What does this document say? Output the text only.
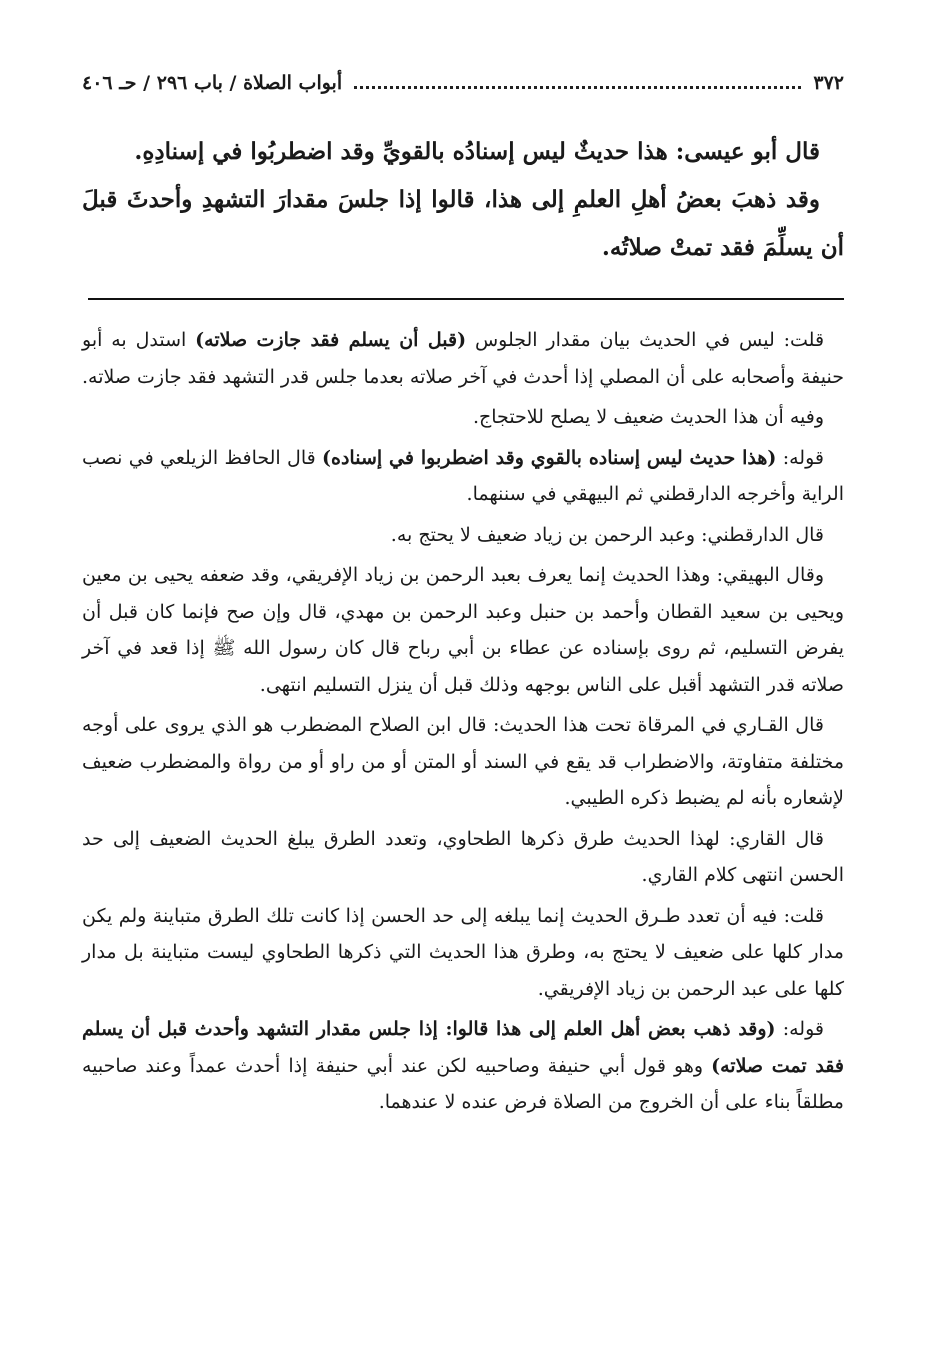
٣٧٢
أبواب الصلاة / باب ٢٩٦ / حـ ٤٠٦

قال أبو عيسى: هذا حديثٌ ليس إسنادُه بالقويِّ وقد اضطربُوا في إسنادِهِ.

وقد ذهبَ بعضُ أهلِ العلمِ إلى هذا، قالوا إذا جلسَ مقدارَ التشهدِ وأحدثَ قبلَ أن يسلِّمَ فقد تمتْ صلاتُه.

قلت: ليس في الحديث بيان مقدار الجلوس (قبل أن يسلم فقد جازت صلاته) استدل به أبو حنيفة وأصحابه على أن المصلي إذا أحدث في آخر صلاته بعدما جلس قدر التشهد فقد جازت صلاته.

وفيه أن هذا الحديث ضعيف لا يصلح للاحتجاج.

قوله: (هذا حديث ليس إسناده بالقوي وقد اضطربوا في إسناده) قال الحافظ الزيلعي في نصب الراية وأخرجه الدارقطني ثم البيهقي في سننهما.

قال الدارقطني: وعبد الرحمن بن زياد ضعيف لا يحتج به.

وقال البهيقي: وهذا الحديث إنما يعرف بعبد الرحمن بن زياد الإفريقي، وقد ضعفه يحيى بن معين ويحيى بن سعيد القطان وأحمد بن حنبل وعبد الرحمن بن مهدي، قال وإن صح فإنما كان قبل أن يفرض التسليم، ثم روى بإسناده عن عطاء بن أبي رباح قال كان رسول الله ﷺ إذا قعد في آخر صلاته قدر التشهد أقبل على الناس بوجهه وذلك قبل أن ينزل التسليم انتهى.

قال القـاري في المرقاة تحت هذا الحديث: قال ابن الصلاح المضطرب هو الذي يروى على أوجه مختلفة متفاوتة، والاضطراب قد يقع في السند أو المتن أو من راو أو من رواة والمضطرب ضعيف لإشعاره بأنه لم يضبط ذكره الطيبي.

قال القاري: لهذا الحديث طرق ذكرها الطحاوي، وتعدد الطرق يبلغ الحديث الضعيف إلى حد الحسن انتهى كلام القاري.

قلت: فيه أن تعدد طـرق الحديث إنما يبلغه إلى حد الحسن إذا كانت تلك الطرق متباينة ولم يكن مدار كلها على ضعيف لا يحتج به، وطرق هذا الحديث التي ذكرها الطحاوي ليست متباينة بل مدار كلها على عبد الرحمن بن زياد الإفريقي.

قوله: (وقد ذهب بعض أهل العلم إلى هذا قالوا: إذا جلس مقدار التشهد وأحدث قبل أن يسلم فقد تمت صلاته) وهو قول أبي حنيفة وصاحبيه لكن عند أبي حنيفة إذا أحدث عمداً وعند صاحبيه مطلقاً بناء على أن الخروج من الصلاة فرض عنده لا عندهما.
